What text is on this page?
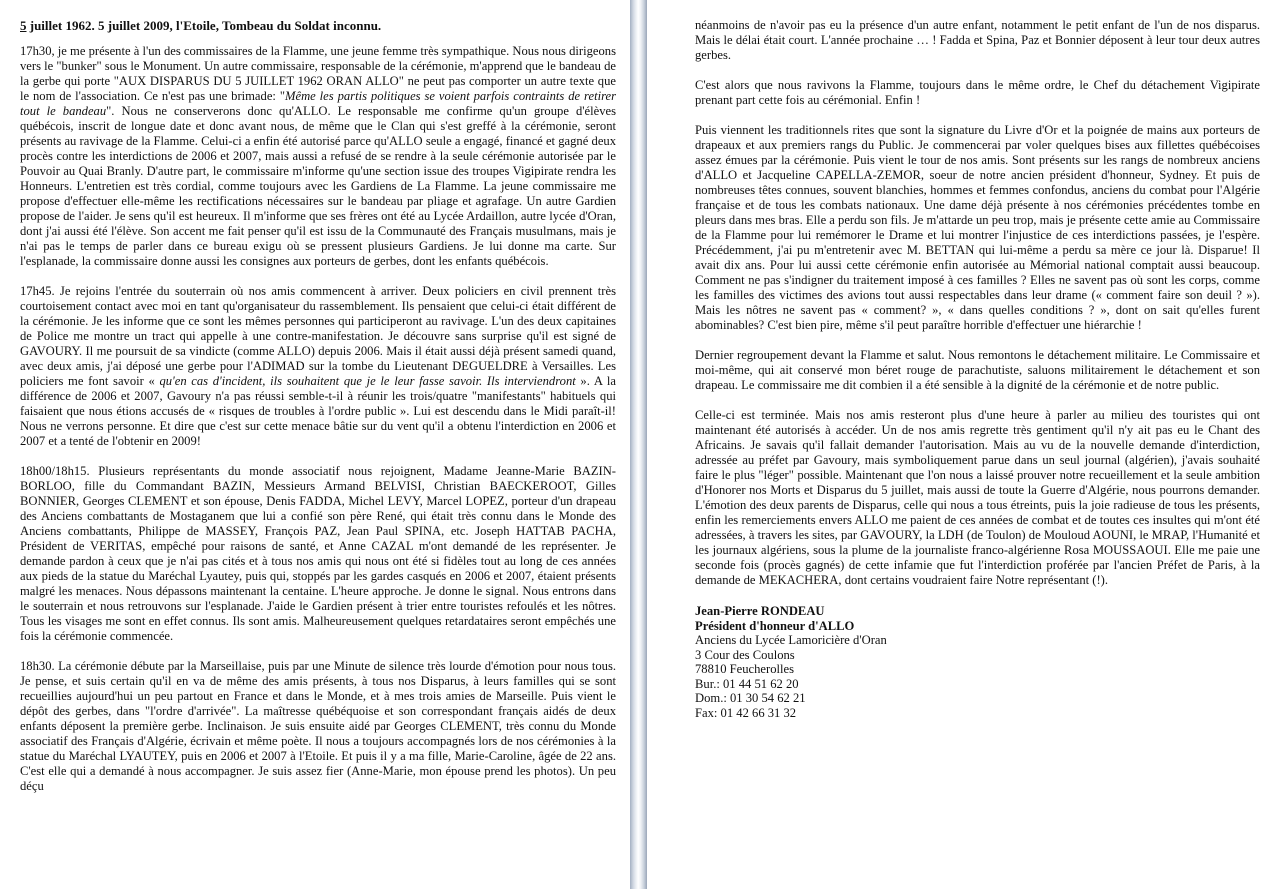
5 juillet 1962. 5 juillet 2009, l'Etoile, Tombeau du Soldat inconnu.
17h30, je me présente à l'un des commissaires de la Flamme, une jeune femme très sympathique. Nous nous dirigeons vers le "bunker" sous le Monument. Un autre commissaire, responsable de la cérémonie, m'apprend que le bandeau de la gerbe qui porte "AUX DISPARUS DU 5 JUILLET 1962 ORAN ALLO" ne peut pas comporter un autre texte que le nom de l'association. Ce n'est pas une brimade: "Même les partis politiques se voient parfois contraints de retirer tout le bandeau". Nous ne conserverons donc qu'ALLO. Le responsable me confirme qu'un groupe d'élèves québécois, inscrit de longue date et donc avant nous, de même que le Clan qui s'est greffé à la cérémonie, seront présents au ravivage de la Flamme. Celui-ci a enfin été autorisé parce qu'ALLO seule a engagé, financé et gagné deux procès contre les interdictions de 2006 et 2007, mais aussi a refusé de se rendre à la seule cérémonie autorisée par le Pouvoir au Quai Branly. D'autre part, le commissaire m'informe qu'une section issue des troupes Vigipirate rendra les Honneurs. L'entretien est très cordial, comme toujours avec les Gardiens de La Flamme. La jeune commissaire me propose d'effectuer elle-même les rectifications nécessaires sur le bandeau par pliage et agrafage. Un autre Gardien propose de l'aider. Je sens qu'il est heureux. Il m'informe que ses frères ont été au Lycée Ardaillon, autre lycée d'Oran, dont j'ai aussi été l'élève. Son accent me fait penser qu'il est issu de la Communauté des Français musulmans, mais je n'ai pas le temps de parler dans ce bureau exigu où se pressent plusieurs Gardiens. Je lui donne ma carte. Sur l'esplanade, la commissaire donne aussi les consignes aux porteurs de gerbes, dont les enfants québécois.
17h45. Je rejoins l'entrée du souterrain où nos amis commencent à arriver. Deux policiers en civil prennent très courtoisement contact avec moi en tant qu'organisateur du rassemblement. Ils pensaient que celui-ci était différent de la cérémonie. Je les informe que ce sont les mêmes personnes qui participeront au ravivage. L'un des deux capitaines de Police me montre un tract qui appelle à une contre-manifestation. Je découvre sans surprise qu'il est signé de GAVOURY. Il me poursuit de sa vindicte (comme ALLO) depuis 2006. Mais il était aussi déjà présent samedi quand, avec deux amis, j'ai déposé une gerbe pour l'ADIMAD sur la tombe du Lieutenant DEGUELDRE à Versailles. Les policiers me font savoir « qu'en cas d'incident, ils souhaitent que je le leur fasse savoir. Ils interviendront ». A la différence de 2006 et 2007, Gavoury n'a pas réussi semble-t-il à réunir les trois/quatre "manifestants" habituels qui faisaient que nous étions accusés de « risques de troubles à l'ordre public ». Lui est descendu dans le Midi paraît-il! Nous ne verrons personne. Et dire que c'est sur cette menace bâtie sur du vent qu'il a obtenu l'interdiction en 2006 et 2007 et a tenté de l'obtenir en 2009!
18h00/18h15. Plusieurs représentants du monde associatif nous rejoignent, Madame Jeanne-Marie BAZIN-BORLOO, fille du Commandant BAZIN, Messieurs Armand BELVISI, Christian BAECKEROOT, Gilles BONNIER, Georges CLEMENT et son épouse, Denis FADDA, Michel LEVY, Marcel LOPEZ, porteur d'un drapeau des Anciens combattants de Mostaganem que lui a confié son père René, qui était très connu dans le Monde des Anciens combattants, Philippe de MASSEY, François PAZ, Jean Paul SPINA, etc. Joseph HATTAB PACHA, Président de VERITAS, empêché pour raisons de santé, et Anne CAZAL m'ont demandé de les représenter. Je demande pardon à ceux que je n'ai pas cités et à tous nos amis qui nous ont été si fidèles tout au long de ces années aux pieds de la statue du Maréchal Lyautey, puis qui, stoppés par les gardes casqués en 2006 et 2007, étaient présents malgré les menaces. Nous dépassons maintenant la centaine. L'heure approche. Je donne le signal. Nous entrons dans le souterrain et nous retrouvons sur l'esplanade. J'aide le Gardien présent à trier entre touristes refoulés et les nôtres. Tous les visages me sont en effet connus. Ils sont amis. Malheureusement quelques retardataires seront empêchés une fois la cérémonie commencée.
18h30. La cérémonie débute par la Marseillaise, puis par une Minute de silence très lourde d'émotion pour nous tous. Je pense, et suis certain qu'il en va de même des amis présents, à tous nos Disparus, à leurs familles qui se sont recueillies aujourd'hui un peu partout en France et dans le Monde, et à mes trois amies de Marseille. Puis vient le dépôt des gerbes, dans "l'ordre d'arrivée". La maîtresse québéquoise et son correspondant français aidés de deux enfants déposent la première gerbe. Inclinaison. Je suis ensuite aidé par Georges CLEMENT, très connu du Monde associatif des Français d'Algérie, écrivain et même poète. Il nous a toujours accompagnés lors de nos cérémonies à la statue du Maréchal LYAUTEY, puis en 2006 et 2007 à l'Etoile. Et puis il y a ma fille, Marie-Caroline, âgée de 22 ans. C'est elle qui a demandé à nous accompagner. Je suis assez fier (Anne-Marie, mon épouse prend les photos). Un peu déçu
néanmoins de n'avoir pas eu la présence d'un autre enfant, notamment le petit enfant de l'un de nos disparus. Mais le délai était court. L'année prochaine … ! Fadda et Spina, Paz et Bonnier déposent à leur tour deux autres gerbes.
C'est alors que nous ravivons la Flamme, toujours dans le même ordre, le Chef du détachement Vigipirate prenant part cette fois au cérémonial. Enfin !
Puis viennent les traditionnels rites que sont la signature du Livre d'Or et la poignée de mains aux porteurs de drapeaux et aux premiers rangs du Public. Je commencerai par voler quelques bises aux fillettes québécoises assez émues par la cérémonie. Puis vient le tour de nos amis. Sont présents sur les rangs de nombreux anciens d'ALLO et Jacqueline CAPELLA-ZEMOR, soeur de notre ancien président d'honneur, Sydney. Et puis de nombreuses têtes connues, souvent blanchies, hommes et femmes confondus, anciens du combat pour l'Algérie française et de tous les combats nationaux. Une dame déjà présente à nos cérémonies précédentes tombe en pleurs dans mes bras. Elle a perdu son fils. Je m'attarde un peu trop, mais je présente cette amie au Commissaire de la Flamme pour lui remémorer le Drame et lui montrer l'injustice de ces interdictions passées, je l'espère. Précédemment, j'ai pu m'entretenir avec M. BETTAN qui lui-même a perdu sa mère ce jour là. Disparue! Il avait dix ans. Pour lui aussi cette cérémonie enfin autorisée au Mémorial national comptait aussi beaucoup. Comment ne pas s'indigner du traitement imposé à ces familles ? Elles ne savent pas où sont les corps, comme les familles des victimes des avions tout aussi respectables dans leur drame (« comment faire son deuil ? »). Mais les nôtres ne savent pas « comment? », « dans quelles conditions ? », dont on sait qu'elles furent abominables? C'est bien pire, même s'il peut paraître horrible d'effectuer une hiérarchie !
Dernier regroupement devant la Flamme et salut. Nous remontons le détachement militaire. Le Commissaire et moi-même, qui ait conservé mon béret rouge de parachutiste, saluons militairement le détachement et son drapeau. Le commissaire me dit combien il a été sensible à la dignité de la cérémonie et de notre public.
Celle-ci est terminée. Mais nos amis resteront plus d'une heure à parler au milieu des touristes qui ont maintenant été autorisés à accéder. Un de nos amis regrette très gentiment qu'il n'y ait pas eu le Chant des Africains. Je savais qu'il fallait demander l'autorisation. Mais au vu de la nouvelle demande d'interdiction, adressée au préfet par Gavoury, mais symboliquement parue dans un seul journal (algérien), j'avais souhaité faire le plus "léger" possible. Maintenant que l'on nous a laissé prouver notre recueillement et la seule ambition d'Honorer nos Morts et Disparus du 5 juillet, mais aussi de toute la Guerre d'Algérie, nous pourrons demander. L'émotion des deux parents de Disparus, celle qui nous a tous étreints, puis la joie radieuse de tous les présents, enfin les remerciements envers ALLO me paient de ces années de combat et de toutes ces insultes qui m'ont été adressées, à travers les sites, par GAVOURY, la LDH (de Toulon) de Mouloud AOUNI, le MRAP, l'Humanité et les journaux algériens, sous la plume de la journaliste franco-algérienne Rosa MOUSSAOUI. Elle me paie une seconde fois (procès gagnés) de cette infamie que fut l'interdiction proférée par l'ancien Préfet de Paris, à la demande de MEKACHERA, dont certains voudraient faire Notre représentant (!).
Jean-Pierre RONDEAU
Président d'honneur d'ALLO
Anciens du Lycée Lamoricière d'Oran
3 Cour des Coulons
78810 Feucherolles
Bur.: 01 44 51 62 20
Dom.: 01 30 54 62 21
Fax: 01 42 66 31 32
